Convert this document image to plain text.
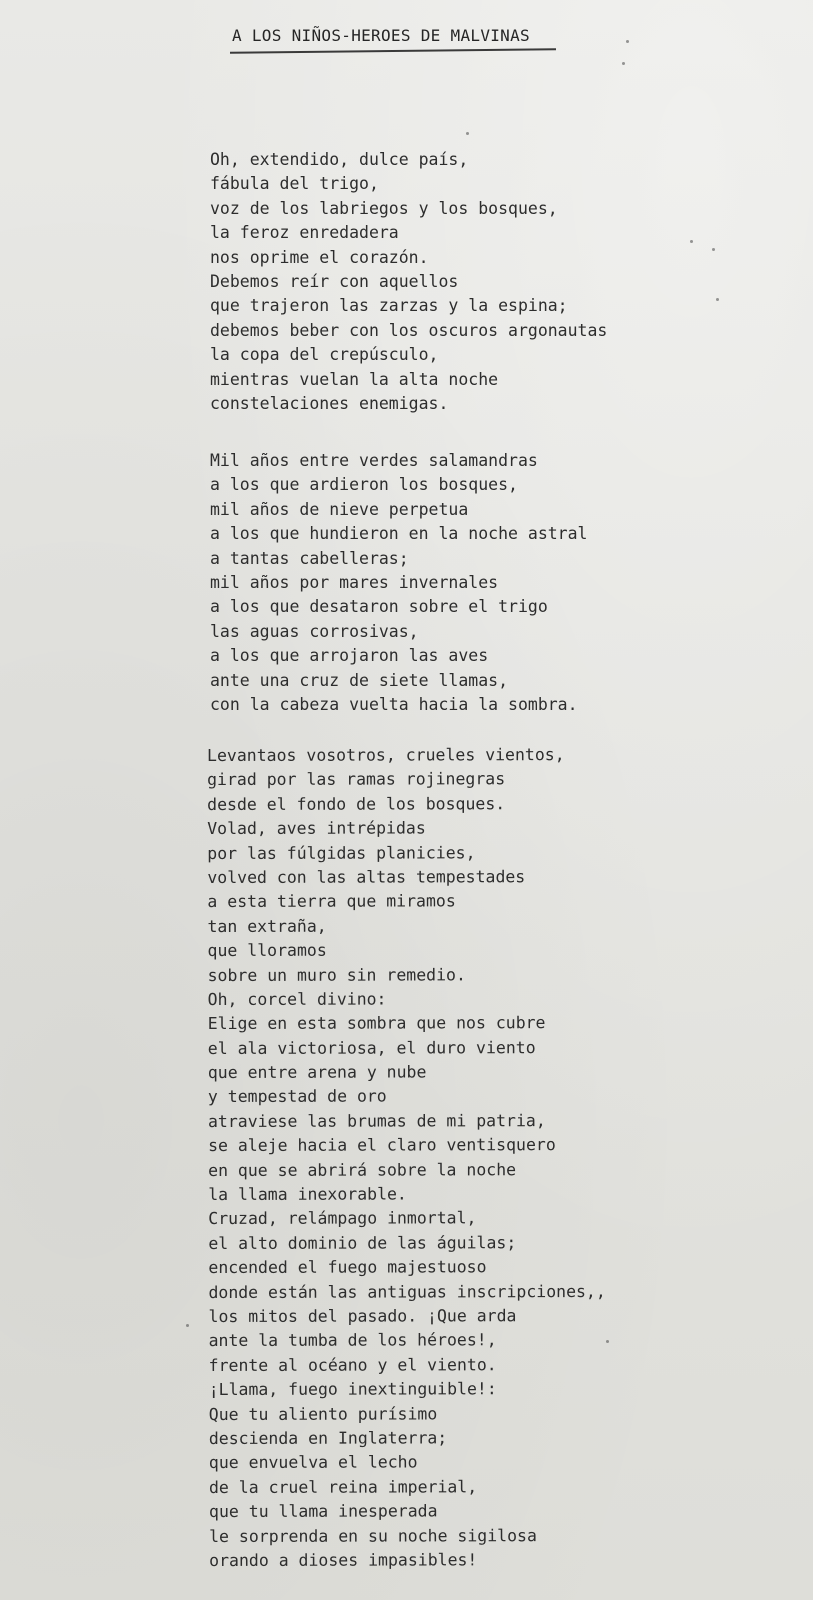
A LOS NIÑOS-HEROES DE MALVINAS
Oh, extendido, dulce país,
fábula del trigo,
voz de los labriegos y los bosques,
la feroz enredadera
nos oprime el corazón.
Debemos reír con aquellos
que trajeron las zarzas y la espina;
debemos beber con los oscuros argonautas
la copa del crepúsculo,
mientras vuelan la alta noche
constelaciones enemigas.
Mil años entre verdes salamandras
a los que ardieron los bosques,
mil años de nieve perpetua
a los que hundieron en la noche astral
a tantas cabelleras;
mil años por mares invernales
a los que desataron sobre el trigo
las aguas corrosivas,
a los que arrojaron las aves
ante una cruz de siete llamas,
con la cabeza vuelta hacia la sombra.
Levantaos vosotros, crueles vientos,
girad por las ramas rojinegras
desde el fondo de los bosques.
Volad, aves intrépidas
por las fúlgidas planicies,
volved con las altas tempestades
a esta tierra que miramos
tan extraña,
que lloramos
sobre un muro sin remedio.
Oh, corcel divino:
Elige en esta sombra que nos cubre
el ala victoriosa, el duro viento
que entre arena y nube
y tempestad de oro
atraviese las brumas de mi patria,
se aleje hacia el claro ventisquero
en que se abrirá sobre la noche
la llama inexorable.
Cruzad, relámpago inmortal,
el alto dominio de las águilas;
encended el fuego majestuoso
donde están las antiguas inscripciones,,
los mitos del pasado. ¡Que arda
ante la tumba de los héroes!,
frente al océano y el viento.
¡Llama, fuego inextinguible!:
Que tu aliento purísimo
descienda en Inglaterra;
que envuelva el lecho
de la cruel reina imperial,
que tu llama inesperada
le sorprenda en su noche sigilosa
orando a dioses impasibles!
